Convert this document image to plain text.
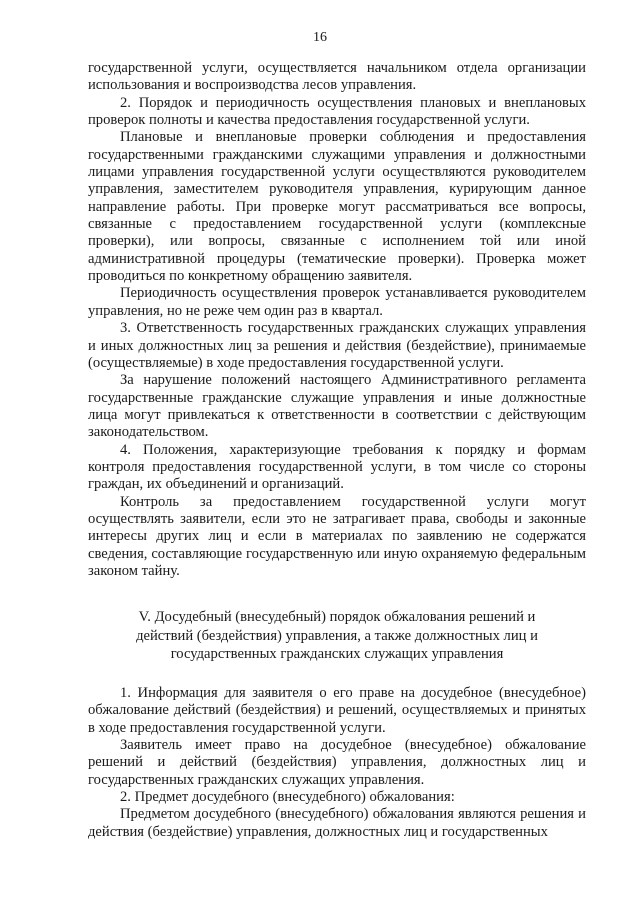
16

государственной услуги, осуществляется начальником отдела организации использования и воспроизводства лесов управления.

2. Порядок и периодичность осуществления плановых и внеплановых проверок полноты и качества предоставления государственной услуги.

Плановые и внеплановые проверки соблюдения и предоставления государственными гражданскими служащими управления и должностными лицами управления государственной услуги осуществляются руководителем управления, заместителем руководителя управления, курирующим данное направление работы. При проверке могут рассматриваться все вопросы, связанные с предоставлением государственной услуги (комплексные проверки), или вопросы, связанные с исполнением той или иной административной процедуры (тематические проверки). Проверка может проводиться по конкретному обращению заявителя.

Периодичность осуществления проверок устанавливается руководителем управления, но не реже чем один раз в квартал.

3. Ответственность государственных гражданских служащих управления и иных должностных лиц за решения и действия (бездействие), принимаемые (осуществляемые) в ходе предоставления государственной услуги.

За нарушение положений настоящего Административного регламента государственные гражданские служащие управления и иные должностные лица могут привлекаться к ответственности в соответствии с действующим законодательством.

4. Положения, характеризующие требования к порядку и формам контроля предоставления государственной услуги, в том числе со стороны граждан, их объединений и организаций.

Контроль за предоставлением государственной услуги могут осуществлять заявители, если это не затрагивает права, свободы и законные интересы других лиц и если в материалах по заявлению не содержатся сведения, составляющие государственную или иную охраняемую федеральным законом тайну.

V. Досудебный (внесудебный) порядок обжалования решений и
действий (бездействия) управления, а также должностных лиц и
государственных гражданских служащих управления

1. Информация для заявителя о его праве на досудебное (внесудебное) обжалование действий (бездействия) и решений, осуществляемых и принятых в ходе предоставления государственной услуги.

Заявитель имеет право на досудебное (внесудебное) обжалование решений и действий (бездействия) управления, должностных лиц и государственных гражданских служащих управления.

2. Предмет досудебного (внесудебного) обжалования:

Предметом досудебного (внесудебного) обжалования являются решения и действия (бездействие) управления, должностных лиц и государственных
